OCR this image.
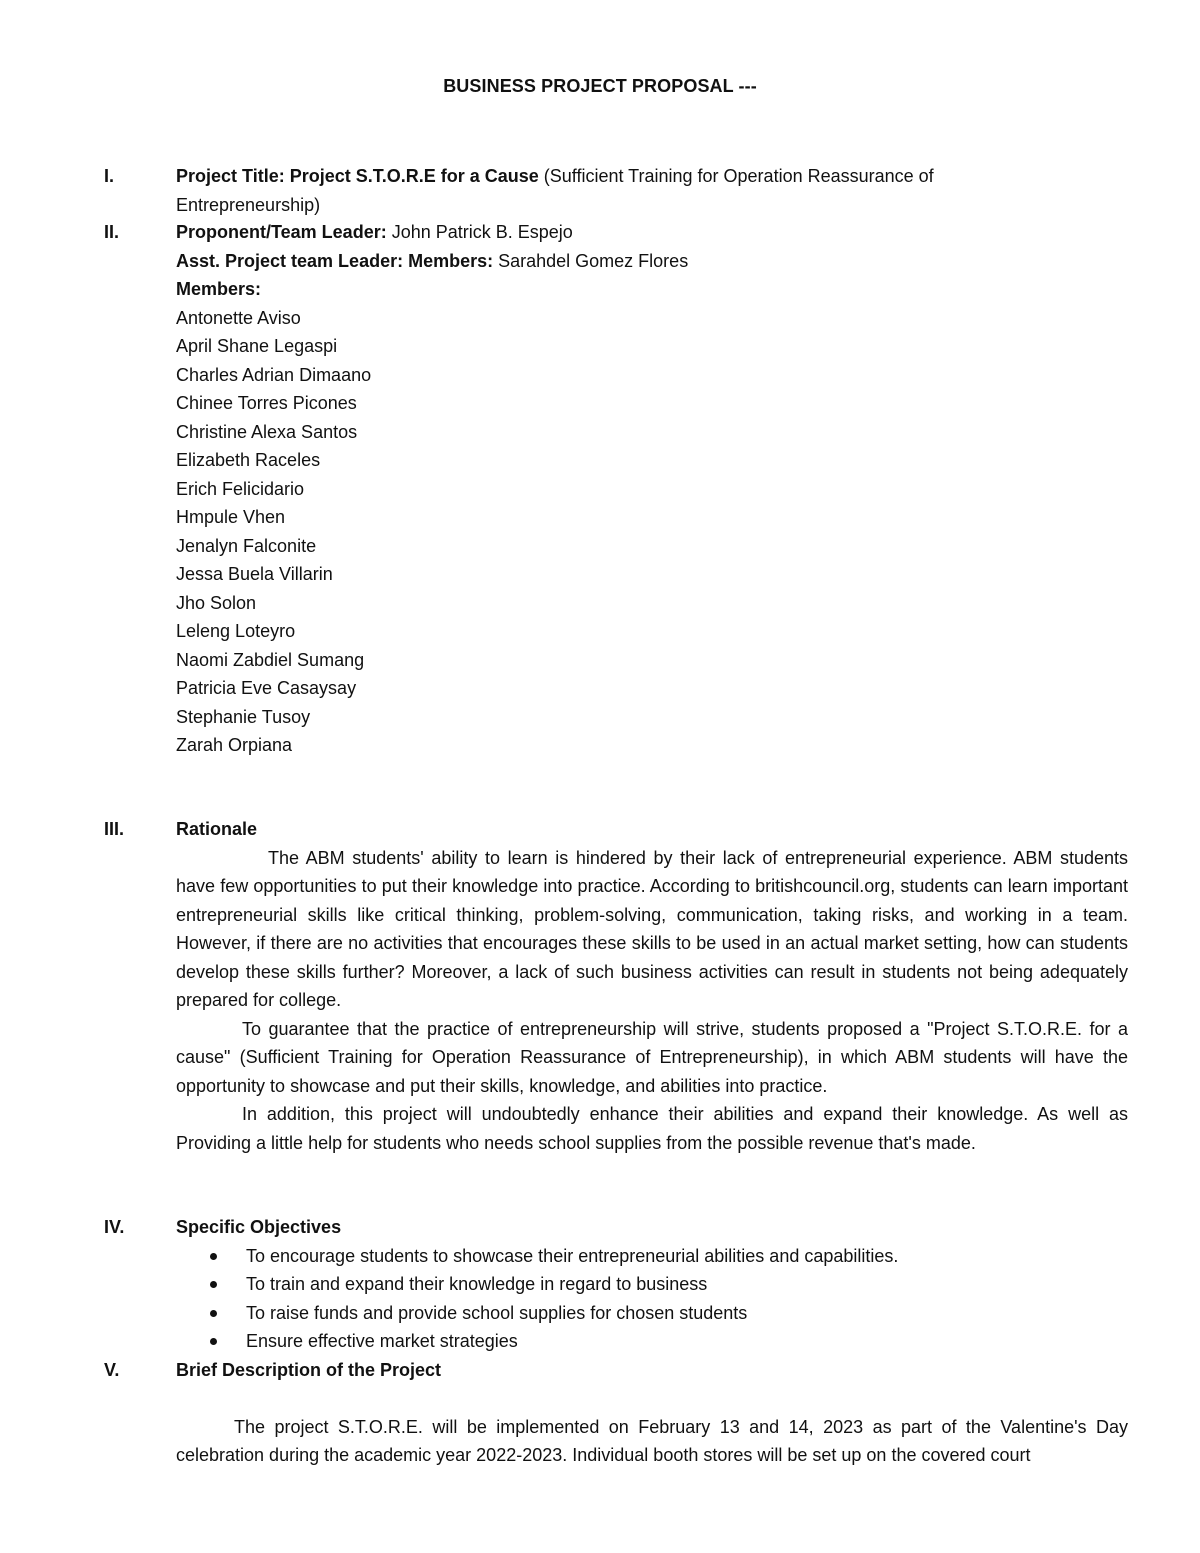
BUSINESS PROJECT PROPOSAL ---
I.	Project Title: Project S.T.O.R.E for a Cause (Sufficient Training for Operation Reassurance of
Entrepreneurship)
II.	Proponent/Team Leader: John Patrick B. Espejo
Asst. Project team Leader: Members: Sarahdel Gomez Flores
Members:
Antonette Aviso
April Shane Legaspi
Charles Adrian Dimaano
Chinee Torres Picones
Christine Alexa Santos
Elizabeth Raceles
Erich Felicidario
Hmpule Vhen
Jenalyn Falconite
Jessa Buela Villarin
Jho Solon
Leleng Loteyro
Naomi Zabdiel Sumang
Patricia Eve Casaysay
Stephanie Tusoy
Zarah Orpiana
III.	Rationale

The ABM students' ability to learn is hindered by their lack of entrepreneurial experience. ABM students have few opportunities to put their knowledge into practice. According to britishcouncil.org, students can learn important entrepreneurial skills like critical thinking, problem-solving, communication, taking risks, and working in a team. However, if there are no activities that encourages these skills to be used in an actual market setting, how can students develop these skills further? Moreover, a lack of such business activities can result in students not being adequately prepared for college.

To guarantee that the practice of entrepreneurship will strive, students proposed a "Project S.T.O.R.E. for a cause" (Sufficient Training for Operation Reassurance of Entrepreneurship), in which ABM students will have the opportunity to showcase and put their skills, knowledge, and abilities into practice.

In addition, this project will undoubtedly enhance their abilities and expand their knowledge. As well as Providing a little help for students who needs school supplies from the possible revenue that's made.

IV.	Specific Objectives
To encourage students to showcase their entrepreneurial abilities and capabilities.
To train and expand their knowledge in regard to business
To raise funds and provide school supplies for chosen students
Ensure effective market strategies
V.	Brief Description of the Project

The project S.T.O.R.E. will be implemented on February 13 and 14, 2023 as part of the Valentine's Day celebration during the academic year 2022-2023. Individual booth stores will be set up on the covered court
